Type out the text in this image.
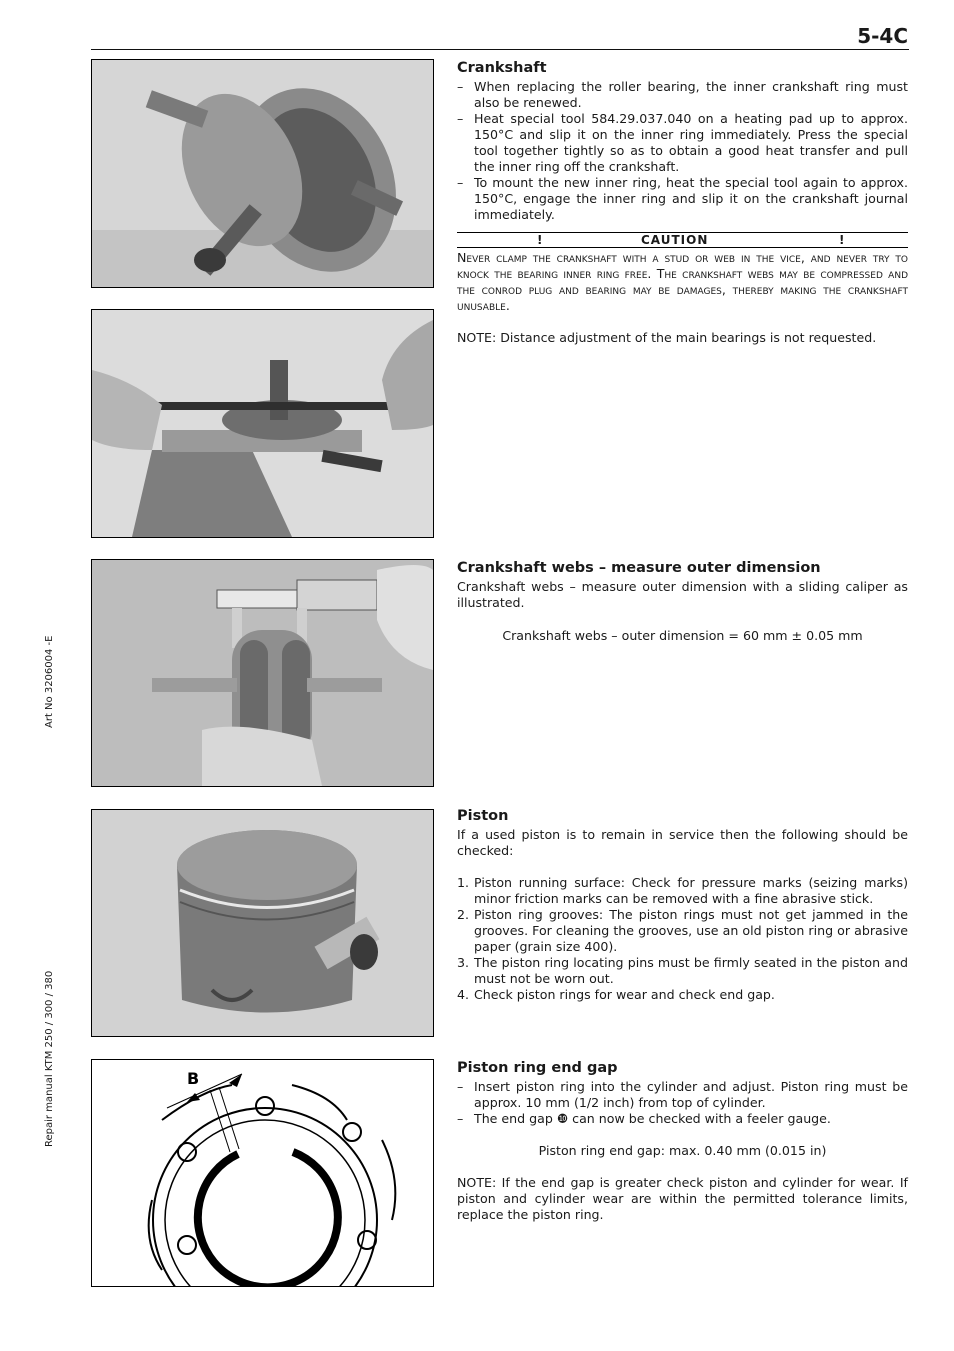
5-4C
Art No 3206004 -E
Repair manual KTM 250 / 300 / 380	B
Crankshaft
– When replacing the roller bearing, the inner crankshaft ring must also be renewed.
– Heat special tool 584.29.037.040 on a heating pad up to approx. 150°C and slip it on the inner ring immediately. Press the special tool together tightly so as to obtain a good heat transfer and pull the inner ring off the crankshaft.
– To mount the new inner ring, heat the special tool again to approx. 150°C, engage the inner ring and slip it on the crankshaft journal immediately.
!	CAUTION	!
Never clamp the crankshaft with a stud or web in the vice, and never try to knock the bearing inner ring free. The crankshaft webs may be compressed and the conrod plug and bearing may be damages, thereby making the crankshaft unusable.
NOTE: Distance adjustment of the main bearings is not requested.
Crankshaft webs – measure outer dimension
Crankshaft webs – measure outer dimension with a sliding caliper as illustrated.
Crankshaft webs – outer dimension = 60 mm ± 0.05 mm
Piston
If a used piston is to remain in service then the following should be checked:
1. Piston running surface: Check for pressure marks (seizing marks) minor friction marks can be removed with a fine abrasive stick.
2. Piston ring grooves: The piston rings must not get jammed in the grooves. For cleaning the grooves, use an old piston ring or abrasive paper (grain size 400).
3. The piston ring locating pins must be firmly seated in the piston and must not be worn out.
4. Check piston rings for wear and check end gap.
Piston ring end gap
– Insert piston ring into the cylinder and adjust. Piston ring must be approx. 10 mm (1/2 inch) from top of cylinder.
– The end gap ❿ can now be checked with a feeler gauge.
Piston ring end gap: max. 0.40 mm (0.015 in)
NOTE: If the end gap is greater check piston and cylinder for wear. If piston and cylinder wear are within the permitted tolerance limits, replace the piston ring.
